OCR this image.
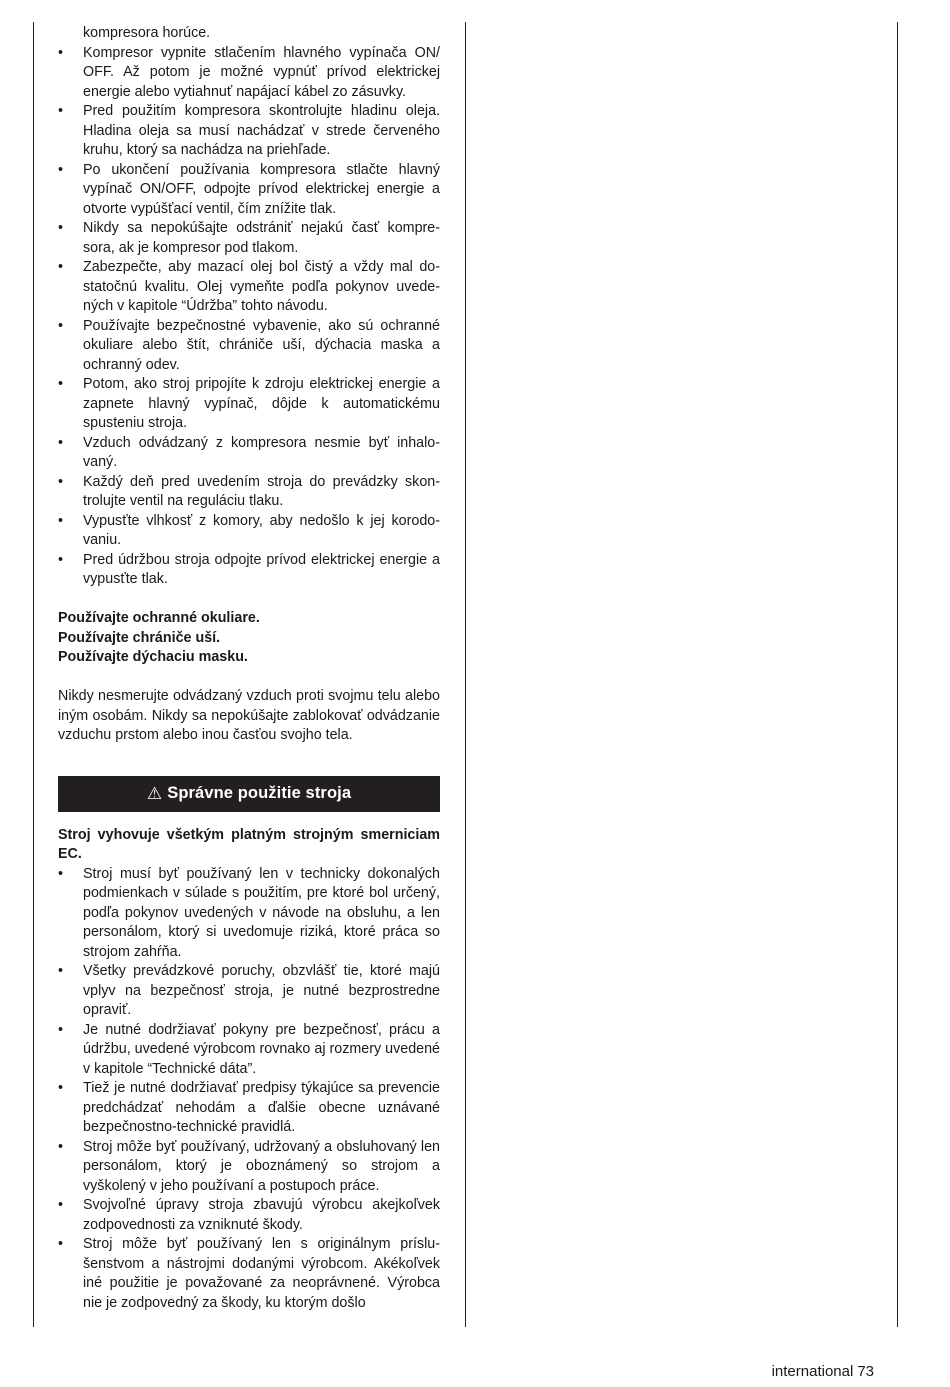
kompresora horúce.

• Kompresor vypnite stlačením hlavného vypínača ON/ OFF. Až potom je možné vypnúť prívod elektrickej energie alebo vytiahnuť napájací kábel zo zásuvky.
• Pred použitím kompresora skontrolujte hladinu oleja. Hladina oleja sa musí nachádzať v strede červeného kruhu, ktorý sa nachádza na priehľade.
• Po ukončení používania kompresora stlačte hlavný vypínač ON/OFF, odpojte prívod elektrickej energie a otvorte vypúšťací ventil, čím znížite tlak.
• Nikdy sa nepokúšajte odstrániť nejakú časť kompresora, ak je kompresor pod tlakom.
• Zabezpečte, aby mazací olej bol čistý a vždy mal dostatočnú kvalitu. Olej vymeňte podľa pokynov uvedených v kapitole “Údržba” tohto návodu.
• Používajte bezpečnostné vybavenie, ako sú ochranné okuliare alebo štít, chrániče uší, dýchacia maska a ochranný odev.
• Potom, ako stroj pripojíte k zdroju elektrickej energie a zapnete hlavný vypínač, dôjde k automatickému spusteniu stroja.
• Vzduch odvádzaný z kompresora nesmie byť inhalovaný.
• Každý deň pred uvedením stroja do prevádzky skontrolujte ventil na reguláciu tlaku.
• Vypusťte vlhkosť z komory, aby nedošlo k jej korodovaniu.
• Pred údržbou stroja odpojte prívod elektrickej energie a vypusťte tlak.

Používajte ochranné okuliare.

Používajte chrániče uší.

Používajte dýchaciu masku.

Nikdy nesmerujte odvádzaný vzduch proti svojmu telu alebo iným osobám. Nikdy sa nepokúšajte zablokovať odvádzanie vzduchu prstom alebo inou časťou svojho tela.

⚠ Správne použitie stroja

Stroj vyhovuje všetkým platným strojným smerniciam EC.

• Stroj musí byť používaný len v technicky dokonalých podmienkach v súlade s použitím, pre ktoré bol určený, podľa pokynov uvedených v návode na obsluhu, a len personálom, ktorý si uvedomuje riziká, ktoré práca so strojom zahŕňa.
• Všetky prevádzkové poruchy, obzvlášť tie, ktoré majú vplyv na bezpečnosť stroja, je nutné bezprostredne opraviť.
• Je nutné dodržiavať pokyny pre bezpečnosť, prácu a údržbu, uvedené výrobcom rovnako aj rozmery uvedené v kapitole “Technické dáta”.
• Tiež je nutné dodržiavať predpisy týkajúce sa prevencie predchádzať nehodám a ďalšie obecne uznávané bezpečnostno-technické pravidlá.
• Stroj môže byť používaný, udržovaný a obsluhovaný len personálom, ktorý je oboznámený so strojom a vyškolený v jeho používaní a postupoch práce.
• Svojvoľné úpravy stroja zbavujú výrobcu akejkoľvek zodpovednosti za vzniknuté škody.
• Stroj môže byť používaný len s originálnym príslušenstvom a nástrojmi dodanými výrobcom. Akékoľvek iné použitie je považované za neoprávnené. Výrobca nie je zodpovedný za škody, ku ktorým došlo
international 73
